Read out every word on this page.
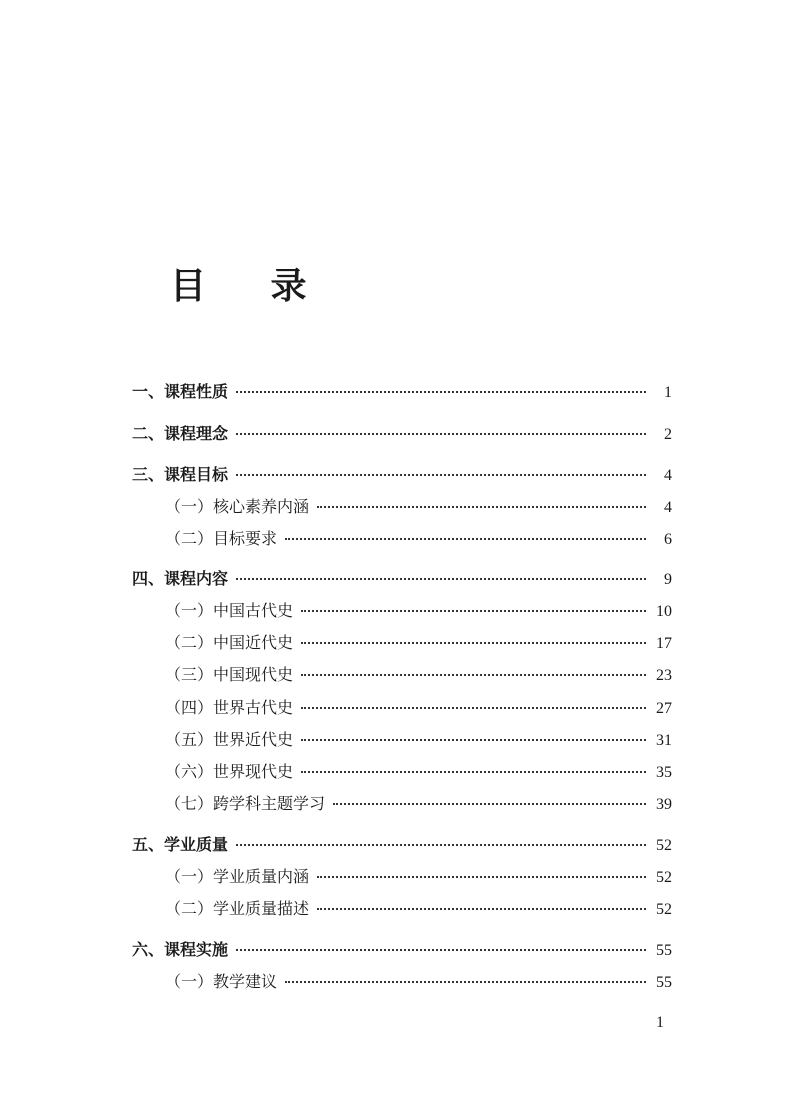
目 录
一、课程性质	1
二、课程理念	2
三、课程目标	4
（一）核心素养内涵	4
（二）目标要求	6
四、课程内容	9
（一）中国古代史	10
（二）中国近代史	17
（三）中国现代史	23
（四）世界古代史	27
（五）世界近代史	31
（六）世界现代史	35
（七）跨学科主题学习	39
五、学业质量	52
（一）学业质量内涵	52
（二）学业质量描述	52
六、课程实施	55
（一）教学建议	55
1
